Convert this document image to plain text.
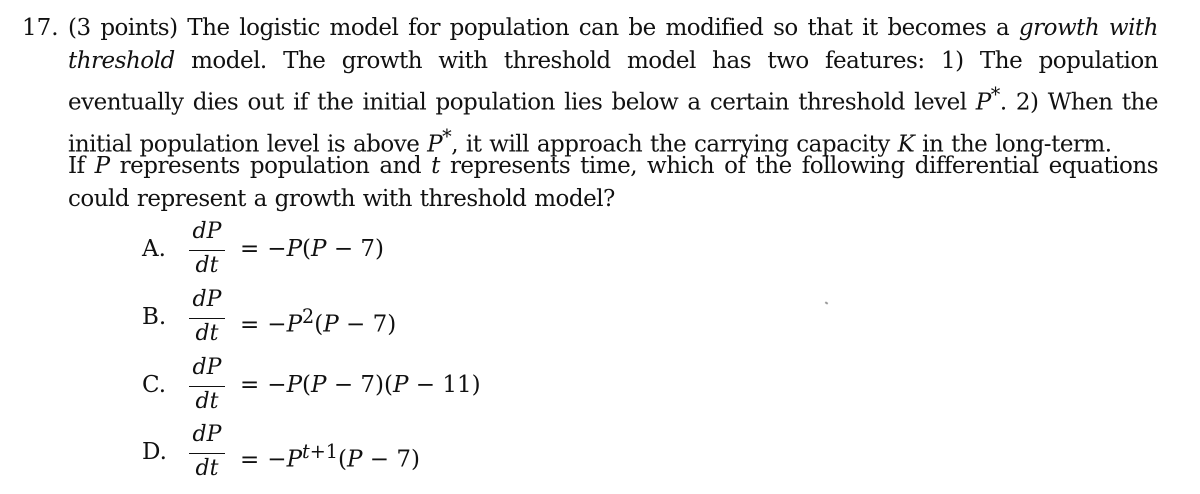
17. (3 points) The logistic model for population can be modified so that it becomes a growth with threshold model. The growth with threshold model has two features: 1) The population eventually dies out if the initial population lies below a certain threshold level P*. 2) When the initial population level is above P*, it will approach the carrying capacity K in the long-term.
If P represents population and t represents time, which of the following differential equations could represent a growth with threshold model?
A.
dP
dt
= −P(P − 7)
B.
dP
dt = $-P^2(P - 7)$
C.
dP
dt
= −P(P − 7)(P − 11)
D.
dP
dt = $-P^{t+1}(P - 7)$
